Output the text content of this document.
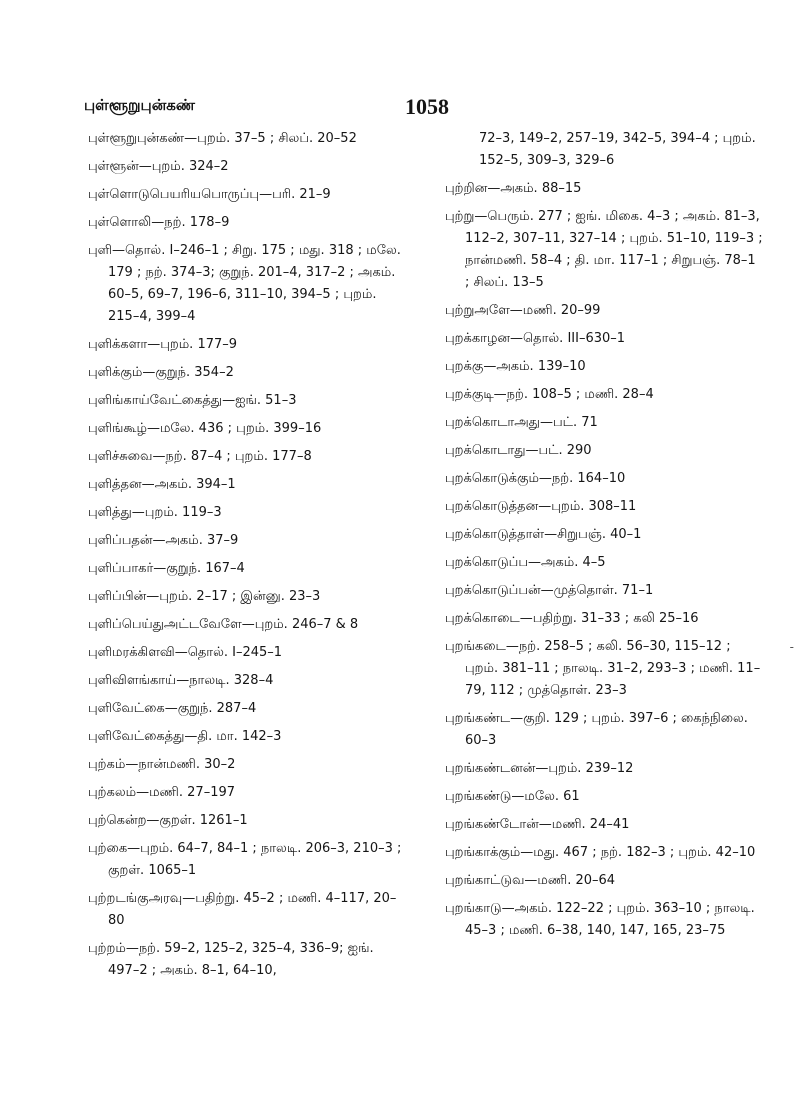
புள்ளூறுபுன்கண்	1058
புள்ளூறுபுன்கண்—புறம். 37–5 ; சிலப். 20–52
புள்ளூன்—புறம். 324–2
புள்ளொடுபெயரியபொருப்பு—பரி. 21–9
புள்ளொலி—நற். 178–9
புளி—தொல். I–246–1 ; சிறு. 175 ; மது. 318 ; மலே. 179 ; நற். 374–3; குறுந். 201–4, 317–2 ; அகம். 60–5, 69–7, 196–6, 311–10, 394–5 ; புறம். 215–4, 399–4
புளிக்களா—புறம். 177–9
புளிக்கும்—குறுந். 354–2
புளிங்காய்வேட்கைத்து—ஐங். 51–3
புளிங்கூழ்—மலே. 436 ; புறம். 399–16
புளிச்சுவை—நற். 87–4 ; புறம். 177–8
புளித்தன—அகம். 394–1
புளித்து—புறம். 119–3
புளிப்பதன்—அகம். 37–9
புளிப்பாகர்—குறுந். 167–4
புளிப்பின்—புறம். 2–17 ; இன்னு. 23–3
புளிப்பெய்துஅட்டவேளே—புறம். 246–7 & 8
புளிமரக்கிளவி—தொல். I–245–1
புளிவிளங்காய்—நாலடி. 328–4
புளிவேட்கை—குறுந். 287–4
புளிவேட்கைத்து—தி. மா. 142–3
புற்கம்—நான்மணி. 30–2
புற்கலம்—மணி. 27–197
புற்கென்ற—குறள். 1261–1
புற்கை—புறம். 64–7, 84–1 ; நாலடி. 206–3, 210–3 ; குறள். 1065–1
புற்றடங்குஅரவு—பதிற்று. 45–2 ; மணி. 4–117, 20–80
புற்றம்—நற். 59–2, 125–2, 325–4, 336–9; ஐங். 497–2 ; அகம். 8–1, 64–10,
72–3, 149–2, 257–19, 342–5, 394–4 ; புறம். 152–5, 309–3, 329–6
புற்றின—அகம். 88–15
புற்று—பெரும். 277 ; ஐங். மிகை. 4–3 ; அகம். 81–3, 112–2, 307–11, 327–14 ; புறம். 51–10, 119–3 ; நான்மணி. 58–4 ; தி. மா. 117–1 ; சிறுபஞ். 78–1 ; சிலப். 13–5
புற்றுஅளே—மணி. 20–99
புறக்காழன—தொல். III–630–1
புறக்கு—அகம். 139–10
புறக்குடி—நற். 108–5 ; மணி. 28–4
புறக்கொடாஅது—பட். 71
புறக்கொடாது—பட். 290
புறக்கொடுக்கும்—நற். 164–10
புறக்கொடுத்தன—புறம். 308–11
புறக்கொடுத்தாள்—சிறுபஞ். 40–1
புறக்கொடுப்ப—அகம். 4–5
புறக்கொடுப்பன்—முத்தொள். 71–1
புறக்கொடை—பதிற்று. 31–33 ; கலி 25–16
புறங்கடை—நற். 258–5 ; கலி. 56–30, 115–12 ; புறம். 381–11 ; நாலடி. 31–2, 293–3 ; மணி. 11–79, 112 ; முத்தொள். 23–3
புறங்கண்ட—குறி. 129 ; புறம். 397–6 ; கைந்நிலை. 60–3
புறங்கண்டனன்—புறம். 239–12
புறங்கண்டு—மலே. 61
புறங்கண்டோன்—மணி. 24–41
புறங்காக்கும்—மது. 467 ; நற். 182–3 ; புறம். 42–10
புறங்காட்டுவ—மணி. 20–64
புறங்காடு—அகம். 122–22 ; புறம். 363–10 ; நாலடி. 45–3 ; மணி. 6–38, 140, 147, 165, 23–75
-
